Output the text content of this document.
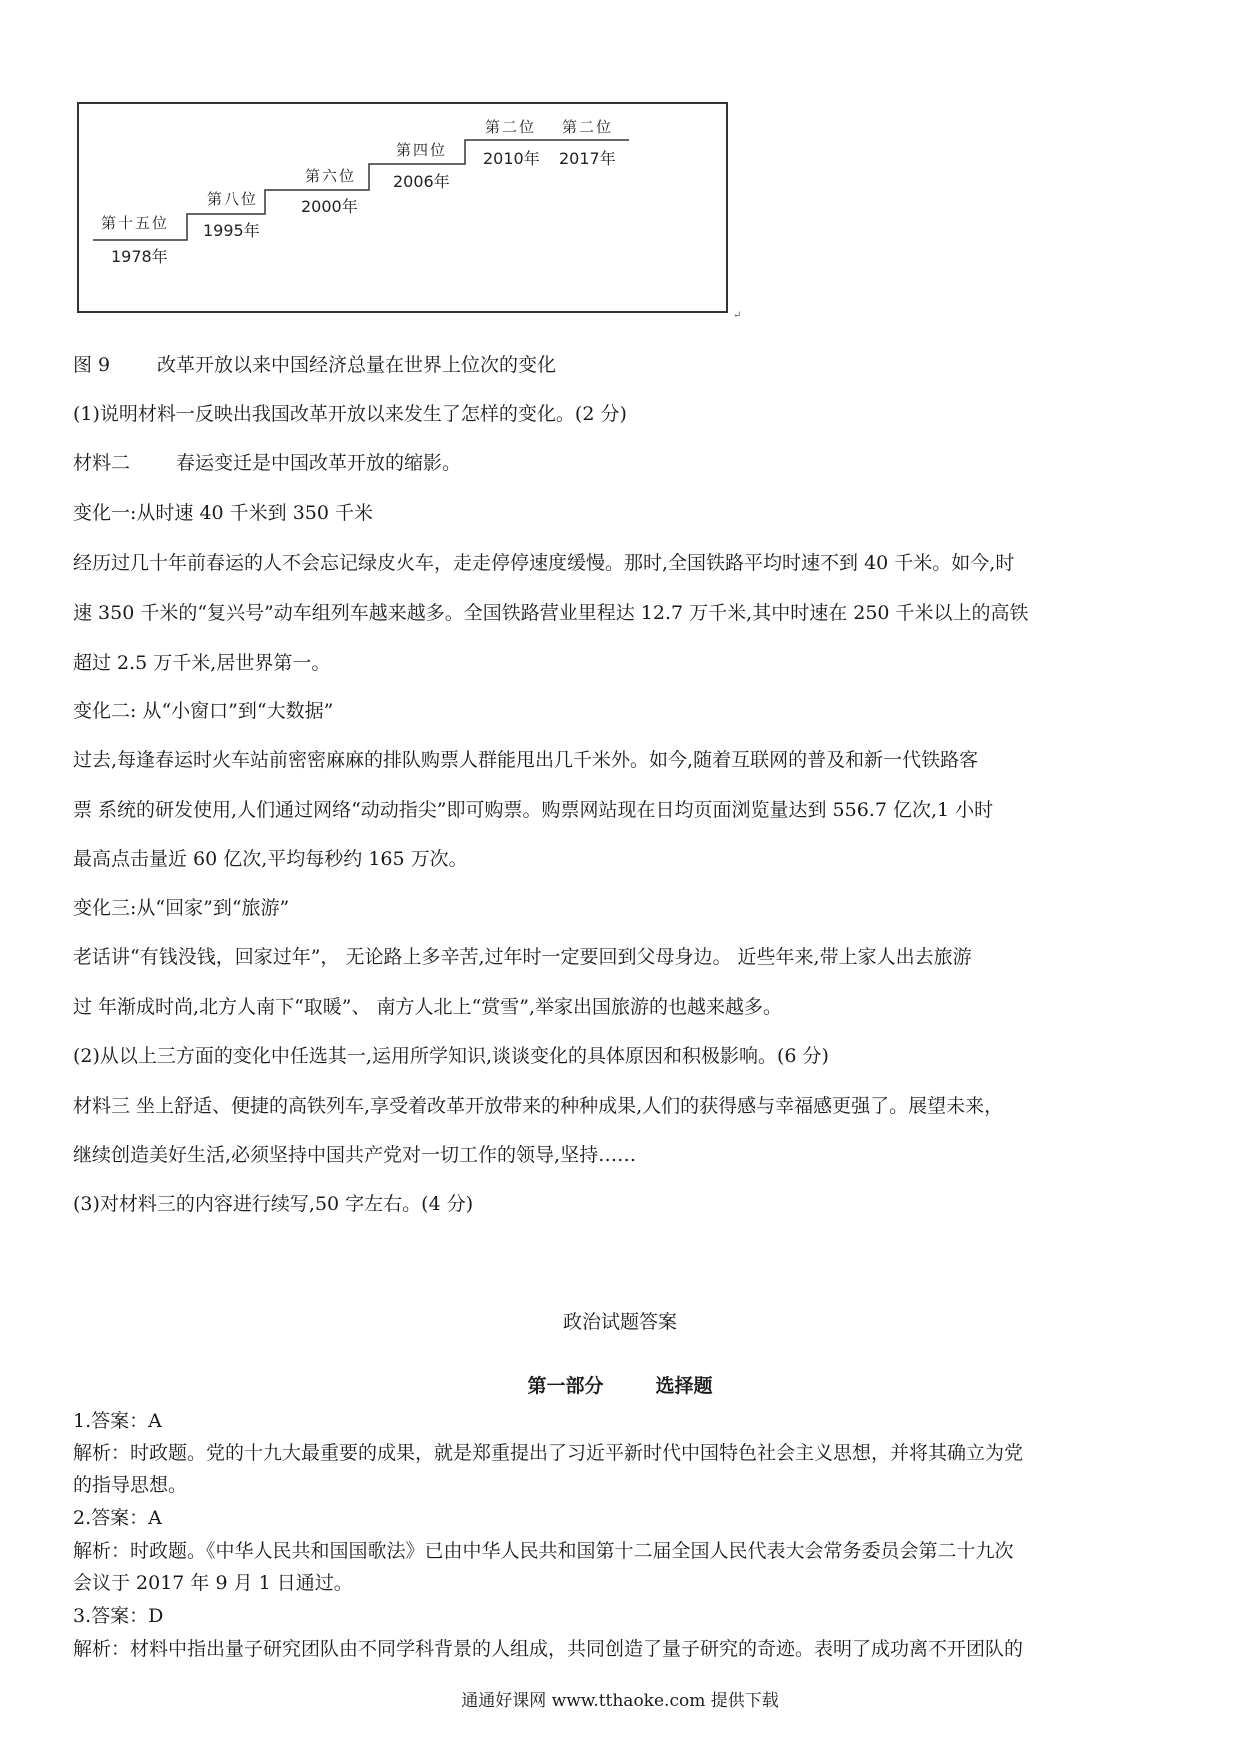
第十五位
1978年
第八位
1995年
第六位
2000年
第四位
2006年
第二位
2010年
第二位
2017年
↵
图 9 改革开放以来中国经济总量在世界上位次的变化
(1)说明材料一反映出我国改革开放以来发生了怎样的变化。(2 分)
材料二 春运变迁是中国改革开放的缩影。
变化一:从时速 40 千米到 350 千米
经历过几十年前春运的人不会忘记绿皮火车，走走停停速度缓慢。那时,全国铁路平均时速不到 40 千米。如今,时
速 350 千米的“复兴号”动车组列车越来越多。全国铁路营业里程达 12.7 万千米,其中时速在 250 千米以上的高铁
超过 2.5 万千米,居世界第一。
变化二: 从“小窗口”到“大数据”
过去,每逢春运时火车站前密密麻麻的排队购票人群能甩出几千米外。如今,随着互联网的普及和新一代铁路客
票 系统的研发使用,人们通过网络“动动指尖”即可购票。购票网站现在日均页面浏览量达到 556.7 亿次,1 小时
最高点击量近 60 亿次,平均每秒约 165 万次。
变化三:从“回家”到“旅游”
老话讲“有钱没钱，回家过年”， 无论路上多辛苦,过年时一定要回到父母身边。 近些年来,带上家人出去旅游
过 年渐成时尚,北方人南下“取暖”、 南方人北上“赏雪”,举家出国旅游的也越来越多。
(2)从以上三方面的变化中任选其一,运用所学知识,谈谈变化的具体原因和积极影响。(6 分)
材料三 坐上舒适、便捷的高铁列车,享受着改革开放带来的种种成果,人们的获得感与幸福感更强了。展望未来，
继续创造美好生活,必须坚持中国共产党对一切工作的领导,坚持……
(3)对材料三的内容进行续写,50 字左右。(4 分)
政治试题答案
第一部分	选择题
1.答案：A
解析：时政题。党的十九大最重要的成果，就是郑重提出了习近平新时代中国特色社会主义思想，并将其确立为党
的指导思想。
2.答案：A
解析：时政题。《中华人民共和国国歌法》已由中华人民共和国第十二届全国人民代表大会常务委员会第二十九次
会议于 2017 年 9 月 1 日通过。
3.答案：D
解析：材料中指出量子研究团队由不同学科背景的人组成，共同创造了量子研究的奇迹。表明了成功离不开团队的
通通好课网 www.tthaoke.com 提供下载
